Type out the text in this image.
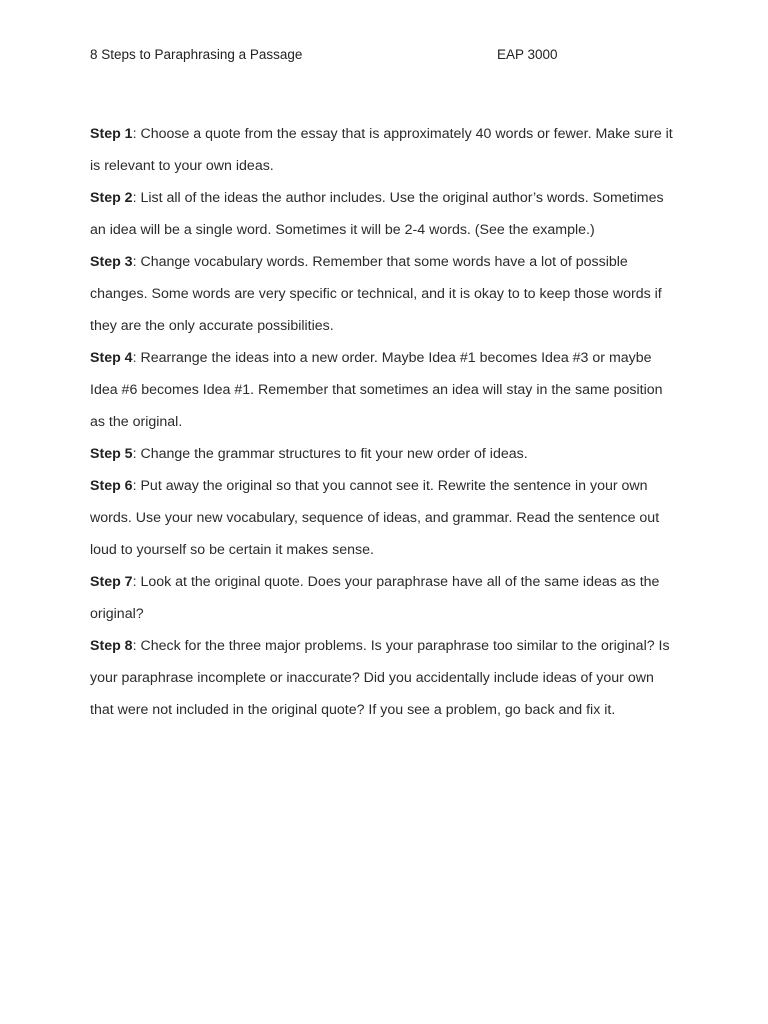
8 Steps to Paraphrasing a Passage	EAP 3000

Step 1: Choose a quote from the essay that is approximately 40 words or fewer. Make sure it is relevant to your own ideas.

Step 2: List all of the ideas the author includes. Use the original author’s words. Sometimes an idea will be a single word. Sometimes it will be 2-4 words. (See the example.)

Step 3: Change vocabulary words. Remember that some words have a lot of possible changes. Some words are very specific or technical, and it is okay to to keep those words if they are the only accurate possibilities.

Step 4: Rearrange the ideas into a new order. Maybe Idea #1 becomes Idea #3 or maybe Idea #6 becomes Idea #1. Remember that sometimes an idea will stay in the same position as the original.

Step 5: Change the grammar structures to fit your new order of ideas.

Step 6: Put away the original so that you cannot see it. Rewrite the sentence in your own words. Use your new vocabulary, sequence of ideas, and grammar. Read the sentence out loud to yourself so be certain it makes sense.

Step 7: Look at the original quote. Does your paraphrase have all of the same ideas as the original?

Step 8: Check for the three major problems. Is your paraphrase too similar to the original? Is your paraphrase incomplete or inaccurate? Did you accidentally include ideas of your own that were not included in the original quote? If you see a problem, go back and fix it.
